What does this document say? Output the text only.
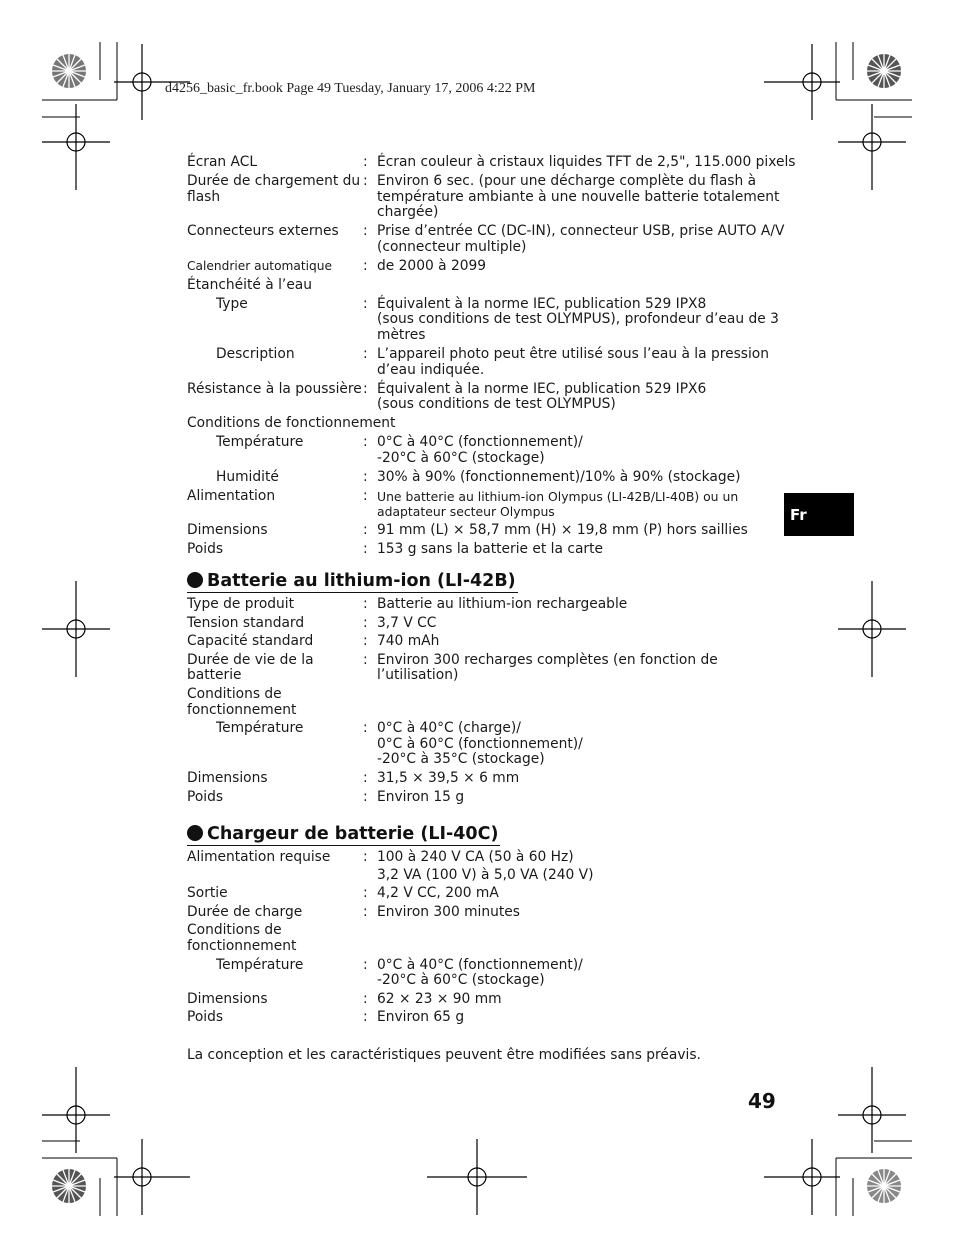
d4256_basic_fr.book Page 49 Tuesday, January 17, 2006 4:22 PM
Écran ACL	: Écran couleur à cristaux liquides TFT de 2,5", 115.000 pixels
Durée de chargement du
flash
: Environ 6 sec. (pour une décharge complète du flash à
température ambiante à une nouvelle batterie totalement
chargée)
Connecteurs externes	: Prise d’entrée CC (DC-IN), connecteur USB, prise AUTO A/V
(connecteur multiple)
Calendrier automatique	: de 2000 à 2099
Étanchéité à l’eau
Type	: Équivalent à la norme IEC, publication 529 IPX8
(sous conditions de test OLYMPUS), profondeur d’eau de 3
mètres
Description	: L’appareil photo peut être utilisé sous l’eau à la pression
d’eau indiquée.
Résistance à la poussière : Équivalent à la norme IEC, publication 529 IPX6
(sous conditions de test OLYMPUS)
Conditions de fonctionnement
Température	: 0°C à 40°C (fonctionnement)/
-20°C à 60°C (stockage)
Humidité	: 30% à 90% (fonctionnement)/10% à 90% (stockage)
Alimentation	: Une batterie au lithium-ion Olympus (LI-42B/LI-40B) ou un
adaptateur secteur Olympus
Dimensions	: 91 mm (L) × 58,7 mm (H) × 19,8 mm (P) hors saillies
Poids	: 153 g sans la batterie et la carte
Batterie au lithium-ion (LI-42B)
Type de produit	: Batterie au lithium-ion rechargeable
Tension standard	: 3,7 V CC
Capacité standard	: 740 mAh
Durée de vie de la
batterie
: Environ 300 recharges complètes (en fonction de
l’utilisation)
Conditions de
fonctionnement
Température	: 0°C à 40°C (charge)/
0°C à 60°C (fonctionnement)/
-20°C à 35°C (stockage)
Dimensions	: 31,5 × 39,5 × 6 mm
Poids	: Environ 15 g
Chargeur de batterie (LI-40C)
Alimentation requise	: 100 à 240 V CA (50 à 60 Hz)
3,2 VA (100 V) à 5,0 VA (240 V)
Sortie	: 4,2 V CC, 200 mA
Durée de charge	: Environ 300 minutes
Conditions de
fonctionnement
Température	: 0°C à 40°C (fonctionnement)/
-20°C à 60°C (stockage)
Dimensions	: 62 × 23 × 90 mm
Poids	: Environ 65 g
La conception et les caractéristiques peuvent être modifiées sans préavis.
Fr
49
